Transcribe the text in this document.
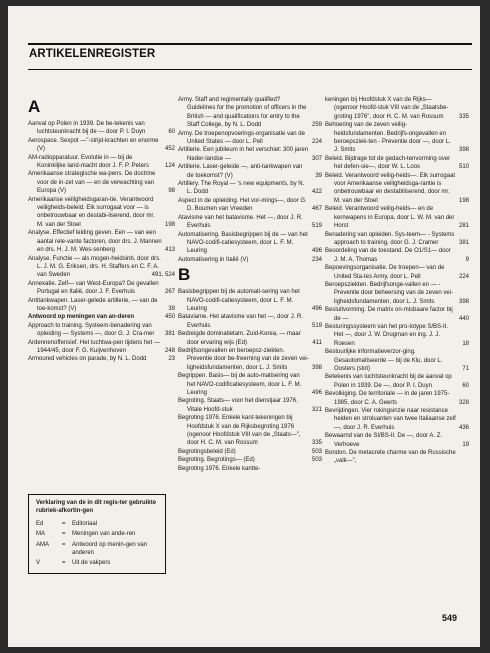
ARTIKELENREGISTER
A
Aanval op Polen in 1939. De be-tekenis van luchtsteunkracht bij de — door P. I. Duyn	60
Aerospace. Sexpot —"-strijd-krachten en enorme (V)	452
AM-radiopparatuur. Evolutie in — bij de Koninklijke land-macht door J. F. P. Peters	124
Amerikaanse strategische wa-pens. De doctrine voor de in-zet van — en de verwachting van Europa (V)	98
Amerikaanse veiligheidsgaran-tie. Verantwoord veiligheids-beleid. Elk surrogaat voor — is onbetrouwbaar en destabi-liserend, door mr. M. van der Stoel	198
Analyse. Effectief leiding geven. Een — van een aantal rele-vante factoren, door drs. J. Mannen en drs. H. J. M. Wes-senberg	413
Analyse. Functie — als mogen-heidsinb, door drs. L. J. M. G. Eriksen, drs. H. Staffers en C. F. A. van Sweden	491, 524
Annexatie. Zelf— van West-Europa? De gevallen Portugal en Italië, door J. F. Everhuis	267
Antitankwapen. Laser-gelede artillerie, — van de toe-komst? (V)	39
Antwoord op meningen van an-deren	450
Approach to training. Systeem-benadering van opleiding — Systems —, door G. J. Cra-mer	381
Ardennenoffensief. Het luchtwa-pen tijdens het — 1944/45, door F. G. Kuijvenhoven	248
Armoured vehicles on parade, by N. L. Dodd	23
Army. Staff and regimentally qualified? Guidelines for the promotion of officers in the British — and qualifications for entry to the Staff College, by N. L. Dodd	259
Army. De troepenopvoerings-organisatie van de United States — door L. Pell	224
Artillerie. Een jubileum in het verschiet: 300 jaren Neder-landse —	307
Artillerie. Laser-geleide —, anti-tankwapen van de toekomst? (V)	39
Artillery. The Royal — 's new equipments, by N. L. Dodd	422
Aspect in de opleiding. Het vor-mings—, door G. D. Boumen van Vreeden	467
Atavisme van het batavisme. Het —, door J. R. Everhuis	519
Automatisering. Basisbegrippen bij de — van het NAVO-codifi-catiesysteem, door L. F. M. Leuring	496
Automatisering in Italië (V)	234
B
Basisbegrippen bij de automati-sering van het NAVO-codifi-catiesysteem, door L. F. M. Leuring	496
Bataviame. Het atavisme van het —, door J. R. Everhuis	519
Bedreigde dominatietam. Zuid-Korea, — maar door ervaring wijs (Ed)	411
Bedrijfsongevallen en beroepsz-ziekten. Preventie door be-freerning van de zeven vei-ligheidsfundamenten, door L. J. Smits	398
Begrippen. Basis— bij de auto-matisering van het NAVO-codificatiesysteem, door L. F. M. Leuring	496
Begroting. Staats— voor het dienstjaar 1976. Vitale Hoofd-stuk	321
Begroting 1976. Enkele kant-tekeningen bij Hoofdstuk X van de Rijksbegroting 1976 (ogenoor Hoofdstuk VIII van de „Staats—", door H. C. M. van Rossum	335
Begrotingsbeleid (Ed)	503
Begroting. Begrotings— (Ed)	503
Begroting 1976. Enkele kantte-
keningen bij Hoofdstuk X van de Rijks— (ogenoor Hoofd-stuk VIII van de „Staatsbe-groting 1976", door H. C. M. van Rossum	335
Behoering van de zeven veilig-heidsfundamenten. Bedrijfs-ongevallen en beroepsziek-ten - Preventie door —, door L. J. Smits	398
Beleid. Bijdrage tot de gedach-tenvorming over het defen-sie—, door W. L. Loos	510
Beleid. Verantwoord veilig-heids—. Elk surrogaat voor Amerikaanse veiligheidsga-rantie is onbetrouwbaar en destabiliserend, door mr. M. van der Stoel	198
Beleid. Verantwoord veilig-heids— en de kernwapens in Europa, door L. W. M. van der Horst	281
Benadering van opleiden. Sys-teem— - Systems approach to training, door G. J. Cramer	381
Beoordeling van de toestand. De O1/S1— door J. M. A. Thomas	9
Bepoevingsorganisatie. De troepen— van de United Sta-tes Army, door L. Pell	224
Beroepsziekten. Bedrijfsonge-vallen en — - Preventie door beheersing van de zeven vei-ligheidsfundamenten, door L. J. Smits	398
Besluitvorming. De matrix on-misbaare factor bij de —	440
Besturingssysteem van het pro-totype S/BS-II. Het —, door J. W. Drugman en ing. J. J. Roesen	18
Bestuurlijke informatieverzor-ging. Gesautomatiseerde — bij de Klu, door L. Oosters (slot)	71
Betekenis van luchtsteunkracht bij de aanval op Polen in 1939. De —, door P. I. Duyn	60
Bevolkiging. De territoriale — in de jaren 1975-1985, door C. A. Geerts	328
Bevrijdingen. Vier rokingsinzie naar resistance heiden en stroluanten van twee Italiaanse zelf—, door J. R. Everhuis	436
Bewaarnd van de SI/BS-II. De —, door A. Z. Verhoeve	19
Bondon. De metacrete charme van de Russische „valk—",
Verklaring van de in dit regis-ter gebruikte rubriek-afkortin-gen
Ed	=	Editoriaal
MA	=	Meningen van ande-ren
AMA	=	Antwoord op menin-gen van anderen
V	=	Uit de vakpers
549
